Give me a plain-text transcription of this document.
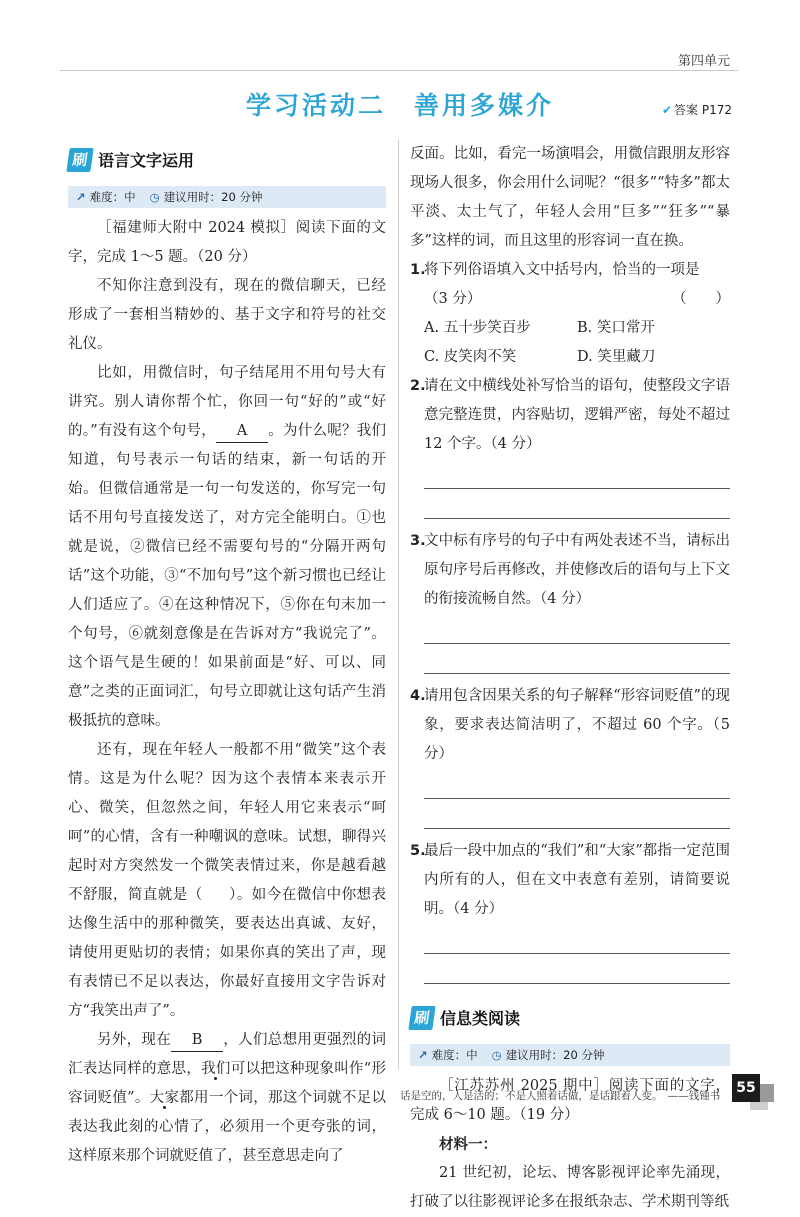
第四单元
学习活动二　善用多媒介	✔ 答案 P172
刷 语言文字运用
↗ 难度：中 ◷ 建议用时：20 分钟

［福建师大附中 2024 模拟］阅读下面的文字，完成 1～5 题。（20 分）

不知你注意到没有，现在的微信聊天，已经形成了一套相当精妙的、基于文字和符号的社交礼仪。

比如，用微信时，句子结尾用不用句号大有讲究。别人请你帮个忙，你回一句“好的”或“好的。”有没有这个句号， A 。为什么呢？我们知道，句号表示一句话的结束，新一句话的开始。但微信通常是一句一句发送的，你写完一句话不用句号直接发送了，对方完全能明白。①也就是说，②微信已经不需要句号的“分隔开两句话”这个功能，③“不加句号”这个新习惯也已经让人们适应了。④在这种情况下，⑤你在句末加一个句号，⑥就刻意像是在告诉对方“我说完了”。这个语气是生硬的！如果前面是“好、可以、同意”之类的正面词汇，句号立即就让这句话产生消极抵抗的意味。

还有，现在年轻人一般都不用“微笑”这个表情。这是为什么呢？因为这个表情本来表示开心、微笑，但忽然之间，年轻人用它来表示“呵呵”的心情，含有一种嘲讽的意味。试想，聊得兴起时对方突然发一个微笑表情过来，你是越看越不舒服，简直就是（ ）。如今在微信中你想表达像生活中的那种微笑，要表达出真诚、友好，请使用更贴切的表情；如果你真的笑出了声，现有表情已不足以表达，你最好直接用文字告诉对方“我笑出声了”。

另外，现在 B ，人们总想用更强烈的词汇表达同样的意思，我们可以把这种现象叫作“形容词贬值”。大家都用一个词，那这个词就不足以表达我此刻的心情了，必须用一个更夸张的词，这样原来那个词就贬值了，甚至意思走向了

反面。比如，看完一场演唱会，用微信跟朋友形容现场人很多，你会用什么词呢？“很多”“特多”都太平淡、太土气了，年轻人会用“巨多”“狂多”“暴多”这样的词，而且这里的形容词一直在换。

1.
将下列俗语填入文中括号内，恰当的一项是
（3 分）	（　　）
A. 五十步笑百步	B. 笑口常开
C. 皮笑肉不笑	D. 笑里藏刀
2.
请在文中横线处补写恰当的语句，使整段文字语意完整连贯，内容贴切，逻辑严密，每处不超过 12 个字。（4 分）
3.
文中标有序号的句子中有两处表述不当，请标出原句序号后再修改，并使修改后的语句与上下文的衔接流畅自然。（4 分）
4.
请用包含因果关系的句子解释“形容词贬值”的现象，要求表达简洁明了，不超过 60 个字。（5 分）
5.
最后一段中加点的“我们”和“大家”都指一定范围内所有的人，但在文中表意有差别，请简要说明。（4 分）
刷 信息类阅读
↗ 难度：中 ◷ 建议用时：20 分钟

［江苏苏州 2025 期中］阅读下面的文字，完成 6～10 题。（19 分）

材料一：

21 世纪初，论坛、博客影视评论率先涌现，打破了以往影视评论多在报纸杂志、学术期刊等纸

话是空的，人是活的；不是人照着话做，是话跟着人变。　——钱锺书	55
